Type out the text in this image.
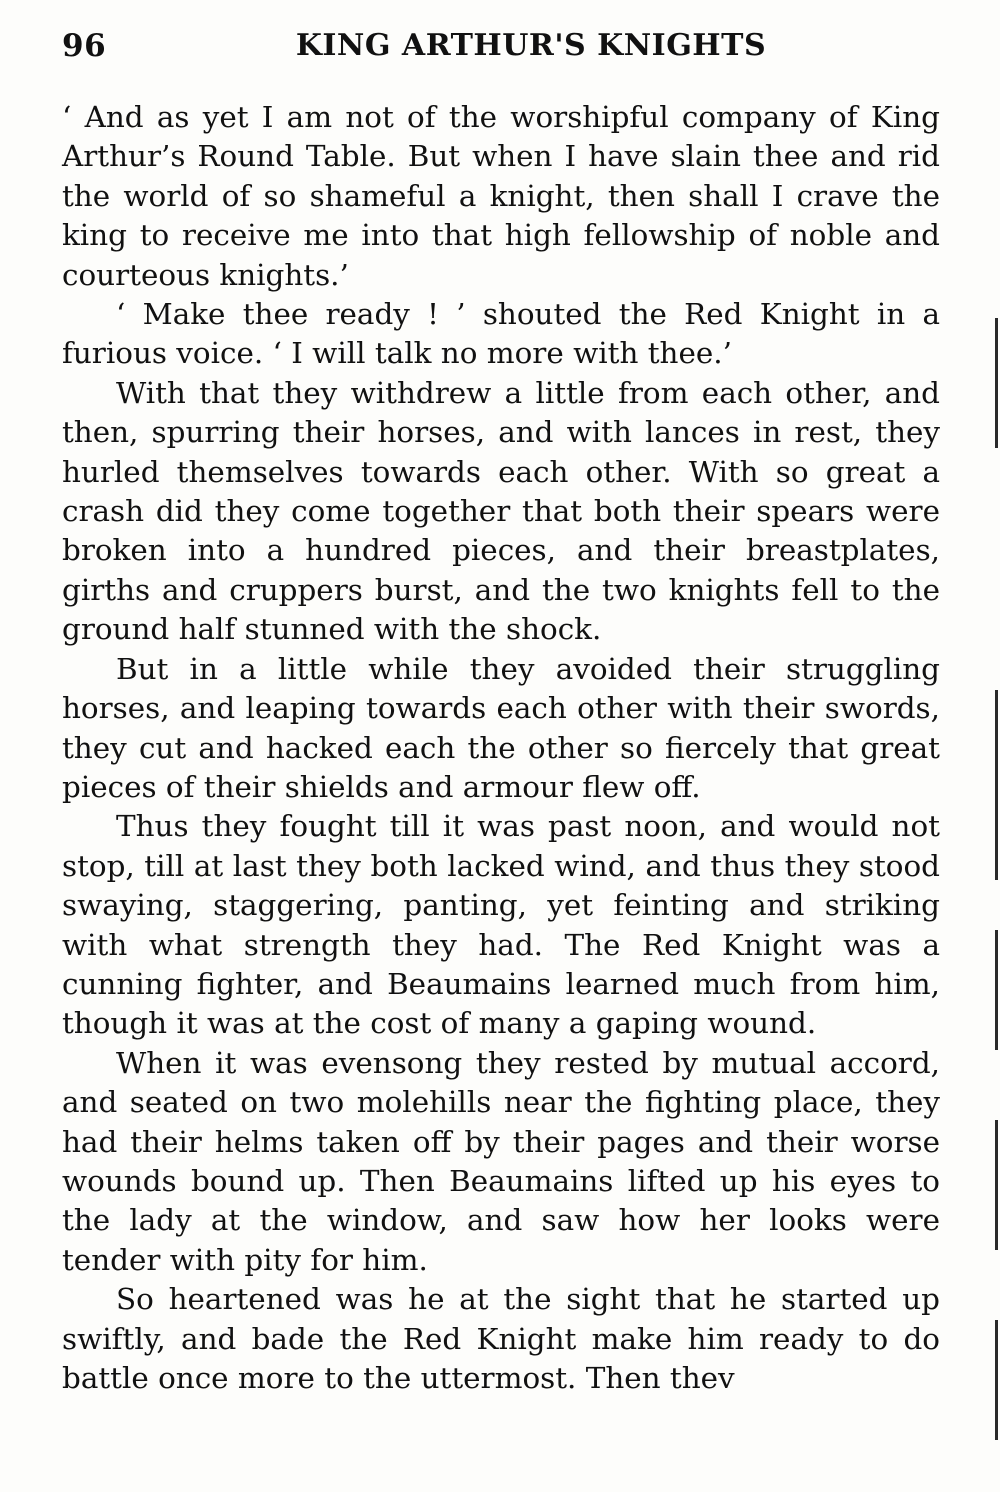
96	KING ARTHUR'S KNIGHTS

‘ And as yet I am not of the worshipful company of King Arthur’s Round Table. But when I have slain thee and rid the world of so shameful a knight, then shall I crave the king to receive me into that high fellowship of noble and courteous knights.’

‘ Make thee ready ! ’ shouted the Red Knight in a furious voice. ‘ I will talk no more with thee.’

With that they withdrew a little from each other, and then, spurring their horses, and with lances in rest, they hurled themselves towards each other. With so great a crash did they come together that both their spears were broken into a hundred pieces, and their breastplates, girths and cruppers burst, and the two knights fell to the ground half stunned with the shock.

But in a little while they avoided their struggling horses, and leaping towards each other with their swords, they cut and hacked each the other so fiercely that great pieces of their shields and armour flew off.

Thus they fought till it was past noon, and would not stop, till at last they both lacked wind, and thus they stood swaying, staggering, panting, yet feinting and striking with what strength they had. The Red Knight was a cunning fighter, and Beaumains learned much from him, though it was at the cost of many a gaping wound.

When it was evensong they rested by mutual accord, and seated on two molehills near the fighting place, they had their helms taken off by their pages and their worse wounds bound up. Then Beaumains lifted up his eyes to the lady at the window, and saw how her looks were tender with pity for him.

So heartened was he at the sight that he started up swiftly, and bade the Red Knight make him ready to do battle once more to the uttermost. Then thev
